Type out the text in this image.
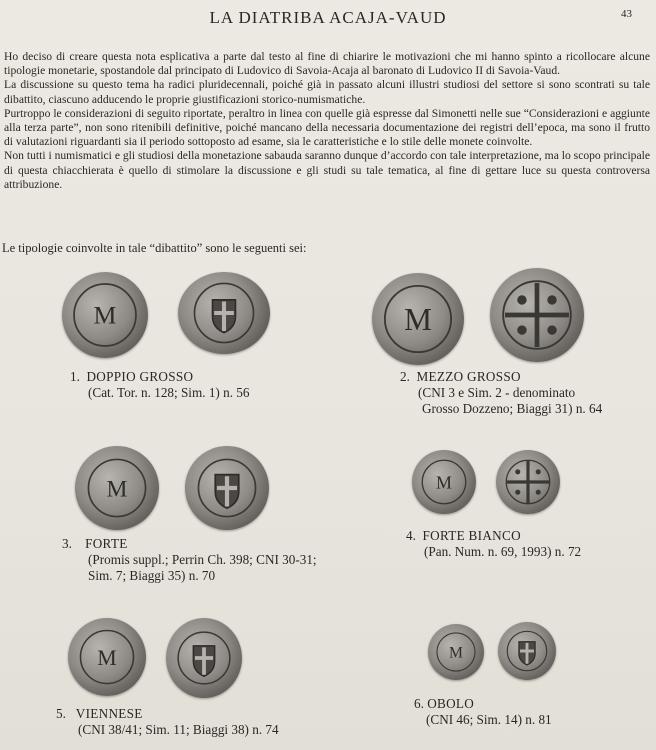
LA DIATRIBA ACAJA-VAUD	43

Ho deciso di creare questa nota esplicativa a parte dal testo al fine di chiarire le motivazioni che mi hanno spinto a ricollocare alcune tipologie monetarie, spostandole dal principato di Ludovico di Savoia-Acaja al baronato di Ludovico II di Savoia-Vaud.

La discussione su questo tema ha radici pluridecennali, poiché già in passato alcuni illustri studiosi del settore si sono scontrati su tale dibattito, ciascuno adducendo le proprie giustificazioni storico-numismatiche.

Purtroppo le considerazioni di seguito riportate, peraltro in linea con quelle già espresse dal Simonetti nelle sue “Considerazioni e aggiunte alla terza parte”, non sono ritenibili definitive, poiché mancano della necessaria documentazione dei registri dell’epoca, ma sono il frutto di valutazioni riguardanti sia il periodo sottoposto ad esame, sia le caratteristiche e lo stile delle monete coinvolte.

Non tutti i numismatici e gli studiosi della monetazione sabauda saranno dunque d’accordo con tale interpretazione, ma lo scopo principale di questa chiacchierata è quello di stimolare la discussione e gli studi su tale tematica, al fine di gettare luce su questa controversa attribuzione.

Le tipologie coinvolte in tale “dibattito” sono le seguenti sei:
M
1. DOPPIO GROSSO
(Cat. Tor. n. 128; Sim. 1) n. 56
M
2. MEZZO GROSSO
(CNI 3 e Sim. 2 - denominato
Grosso Dozzeno; Biaggi 31) n. 64
M
3. FORTE
(Promis suppl.; Perrin Ch. 398; CNI 30-31;
Sim. 7; Biaggi 35) n. 70
M
4. FORTE BIANCO
(Pan. Num. n. 69, 1993) n. 72
M
5. VIENNESE
(CNI 38/41; Sim. 11; Biaggi 38) n. 74
M
6. OBOLO
(CNI 46; Sim. 14) n. 81
